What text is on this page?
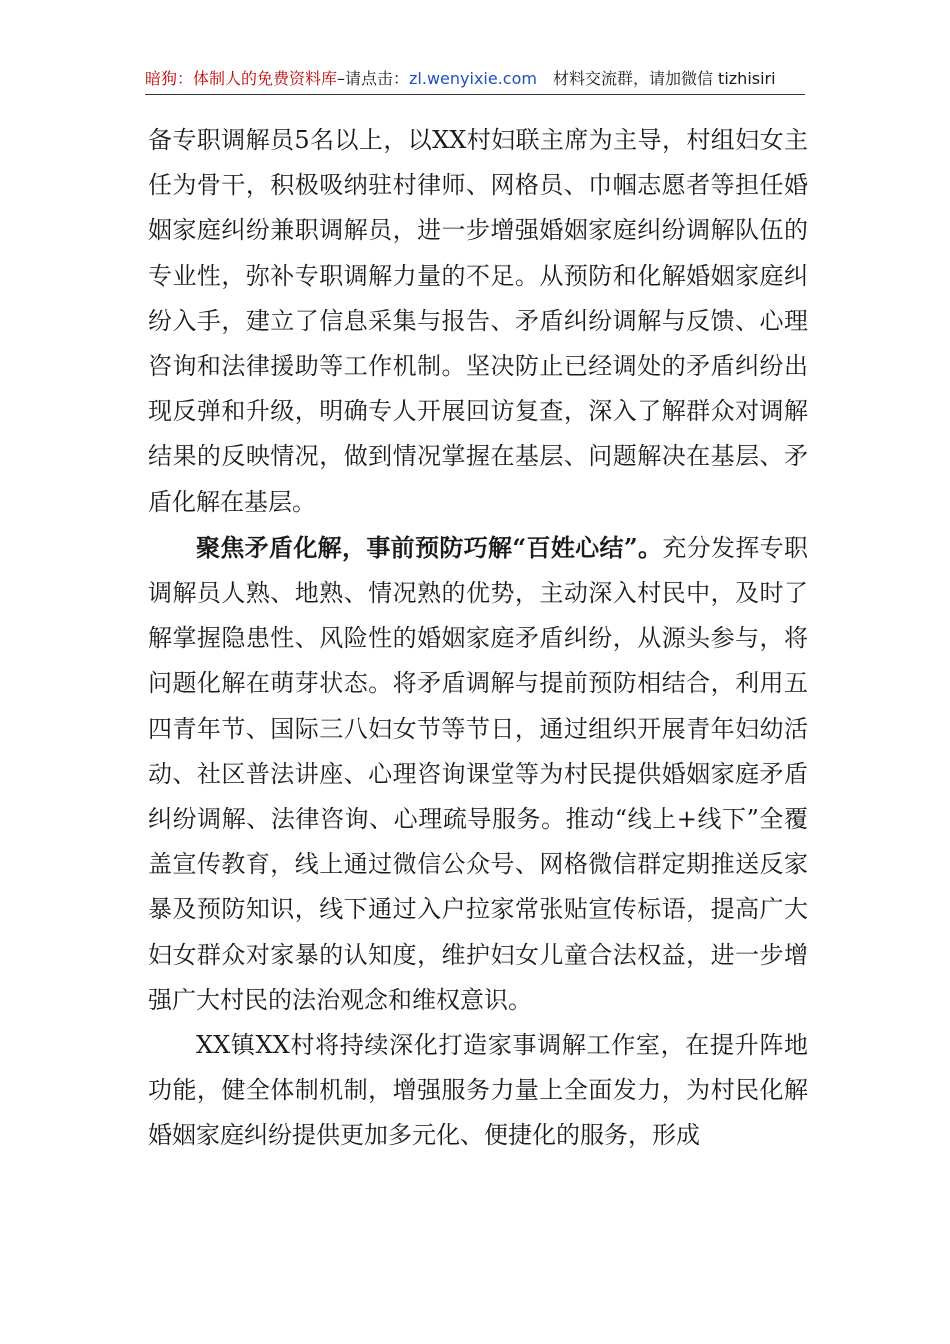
暗狗：体制人的免费资料库–请点击：zl.wenyixie.com 材料交流群，请加微信 tizhisiri

备专职调解员5名以上，以XX村妇联主席为主导，村组妇女主任为骨干，积极吸纳驻村律师、网格员、巾帼志愿者等担任婚姻家庭纠纷兼职调解员，进一步增强婚姻家庭纠纷调解队伍的专业性，弥补专职调解力量的不足。从预防和化解婚姻家庭纠纷入手，建立了信息采集与报告、矛盾纠纷调解与反馈、心理咨询和法律援助等工作机制。坚决防止已经调处的矛盾纠纷出现反弹和升级，明确专人开展回访复查，深入了解群众对调解结果的反映情况，做到情况掌握在基层、问题解决在基层、矛盾化解在基层。

聚焦矛盾化解，事前预防巧解“百姓心结”。充分发挥专职调解员人熟、地熟、情况熟的优势，主动深入村民中，及时了解掌握隐患性、风险性的婚姻家庭矛盾纠纷，从源头参与，将问题化解在萌芽状态。将矛盾调解与提前预防相结合，利用五四青年节、国际三八妇女节等节日，通过组织开展青年妇幼活动、社区普法讲座、心理咨询课堂等为村民提供婚姻家庭矛盾纠纷调解、法律咨询、心理疏导服务。推动“线上+线下”全覆盖宣传教育，线上通过微信公众号、网格微信群定期推送反家暴及预防知识，线下通过入户拉家常张贴宣传标语，提高广大妇女群众对家暴的认知度，维护妇女儿童合法权益，进一步增强广大村民的法治观念和维权意识。

XX镇XX村将持续深化打造家事调解工作室，在提升阵地功能，健全体制机制，增强服务力量上全面发力，为村民化解婚姻家庭纠纷提供更加多元化、便捷化的服务，形成
